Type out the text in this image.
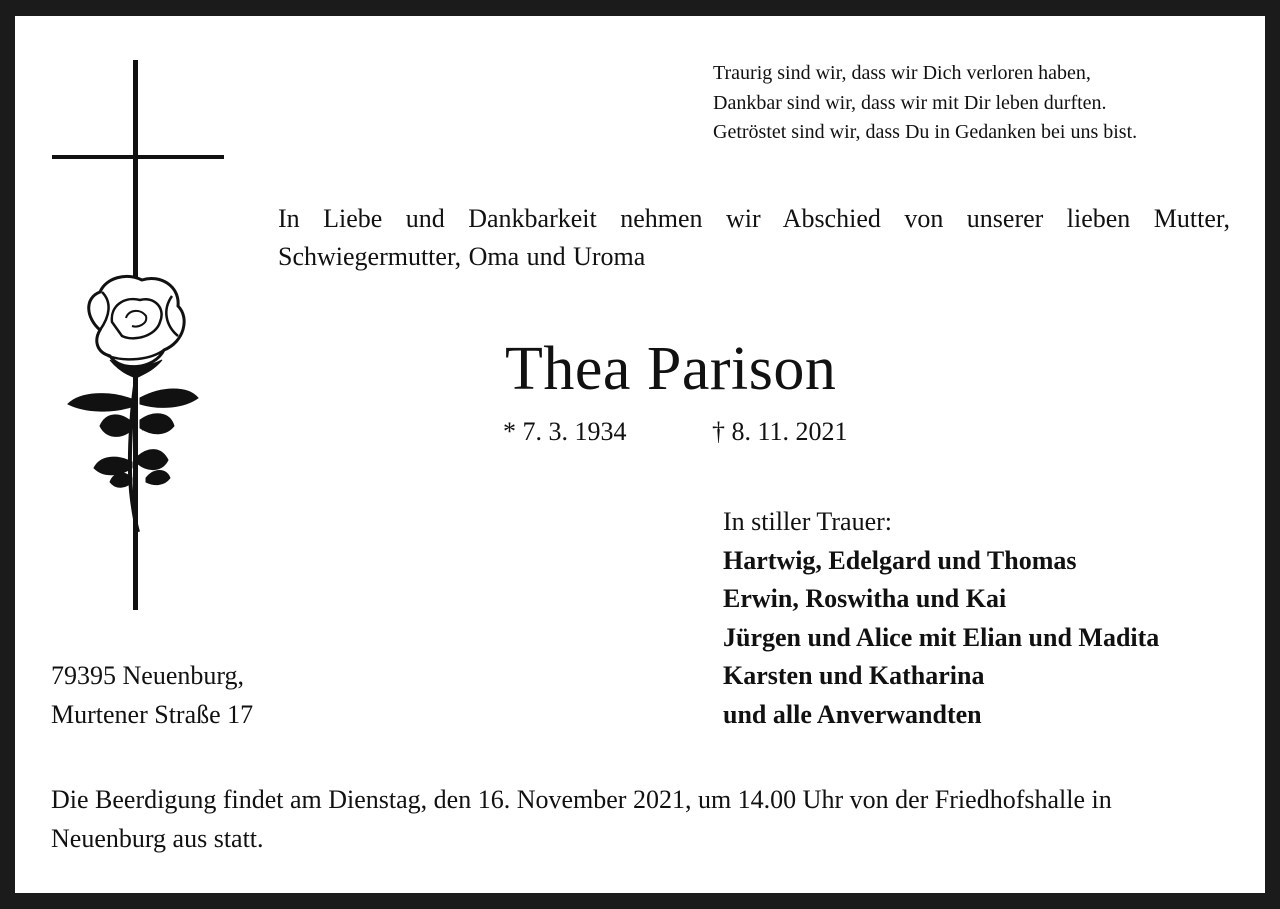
Traurig sind wir, dass wir Dich verloren haben,
Dankbar sind wir, dass wir mit Dir leben durften.
Getröstet sind wir, dass Du in Gedanken bei uns bist.
In Liebe und Dankbarkeit nehmen wir Abschied von unserer lieben Mutter, Schwiegermutter, Oma und Uroma
Thea Parison
* 7. 3. 1934	† 8. 11. 2021
In stiller Trauer:
Hartwig, Edelgard und Thomas
Erwin, Roswitha und Kai
Jürgen und Alice mit Elian und Madita
Karsten und Katharina
und alle Anverwandten
79395 Neuenburg,
Murtener Straße 17
Die Beerdigung findet am Dienstag, den 16. November 2021, um 14.00 Uhr von der Friedhofshalle in Neuenburg aus statt.
